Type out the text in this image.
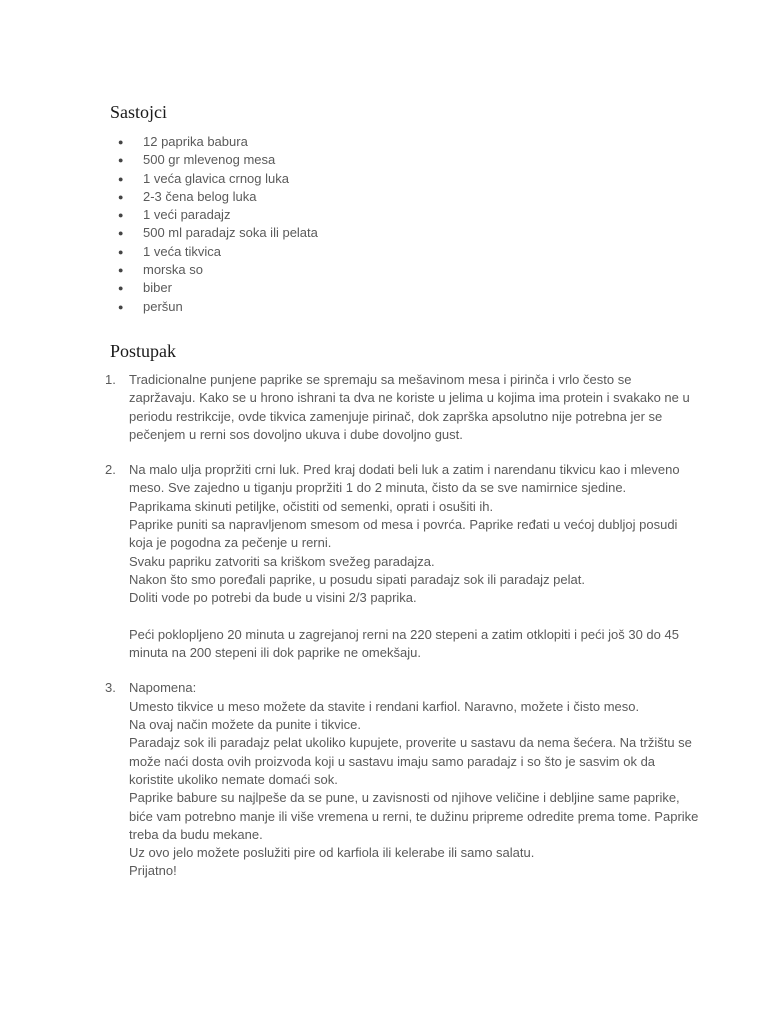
Sastojci
● 12 paprika babura
● 500 gr mlevenog mesa
● 1 veća glavica crnog luka
● 2-3 čena belog luka
● 1 veći paradajz
● 500 ml paradajz soka ili pelata
● 1 veća tikvica
● morska so
● biber
● peršun
Postupak
1. Tradicionalne punjene paprike se spremaju sa mešavinom mesa i pirinča i vrlo često se
zapržavaju. Kako se u hrono ishrani ta dva ne koriste u jelima u kojima ima protein i svakako ne u
periodu restrikcije, ovde tikvica zamenjuje pirinač, dok zaprška apsolutno nije potrebna jer se
pečenjem u rerni sos dovoljno ukuva i dube dovoljno gust.
2. Na malo ulja propržiti crni luk. Pred kraj dodati beli luk a zatim i narendanu tikvicu kao i mleveno
meso. Sve zajedno u tiganju propržiti 1 do 2 minuta, čisto da se sve namirnice sjedine.
Paprikama skinuti petiljke, očistiti od semenki, oprati i osušiti ih.
Paprike puniti sa napravljenom smesom od mesa i povrća. Paprike ređati u većoj dubljoj posudi
koja je pogodna za pečenje u rerni.
Svaku papriku zatvoriti sa kriškom svežeg paradajza.
Nakon što smo poređali paprike, u posudu sipati paradajz sok ili paradajz pelat.
Doliti vode po potrebi da bude u visini 2/3 paprika.
Peći poklopljeno 20 minuta u zagrejanoj rerni na 220 stepeni a zatim otklopiti i peći još 30 do 45
minuta na 200 stepeni ili dok paprike ne omekšaju.
3. Napomena:
Umesto tikvice u meso možete da stavite i rendani karfiol. Naravno, možete i čisto meso.
Na ovaj način možete da punite i tikvice.
Paradajz sok ili paradajz pelat ukoliko kupujete, proverite u sastavu da nema šećera. Na tržištu se
može naći dosta ovih proizvoda koji u sastavu imaju samo paradajz i so što je sasvim ok da
koristite ukoliko nemate domaći sok.
Paprike babure su najlpeše da se pune, u zavisnosti od njihove veličine i debljine same paprike,
biće vam potrebno manje ili više vremena u rerni, te dužinu pripreme odredite prema tome. Paprike
treba da budu mekane.
Uz ovo jelo možete poslužiti pire od karfiola ili kelerabe ili samo salatu.
Prijatno!
